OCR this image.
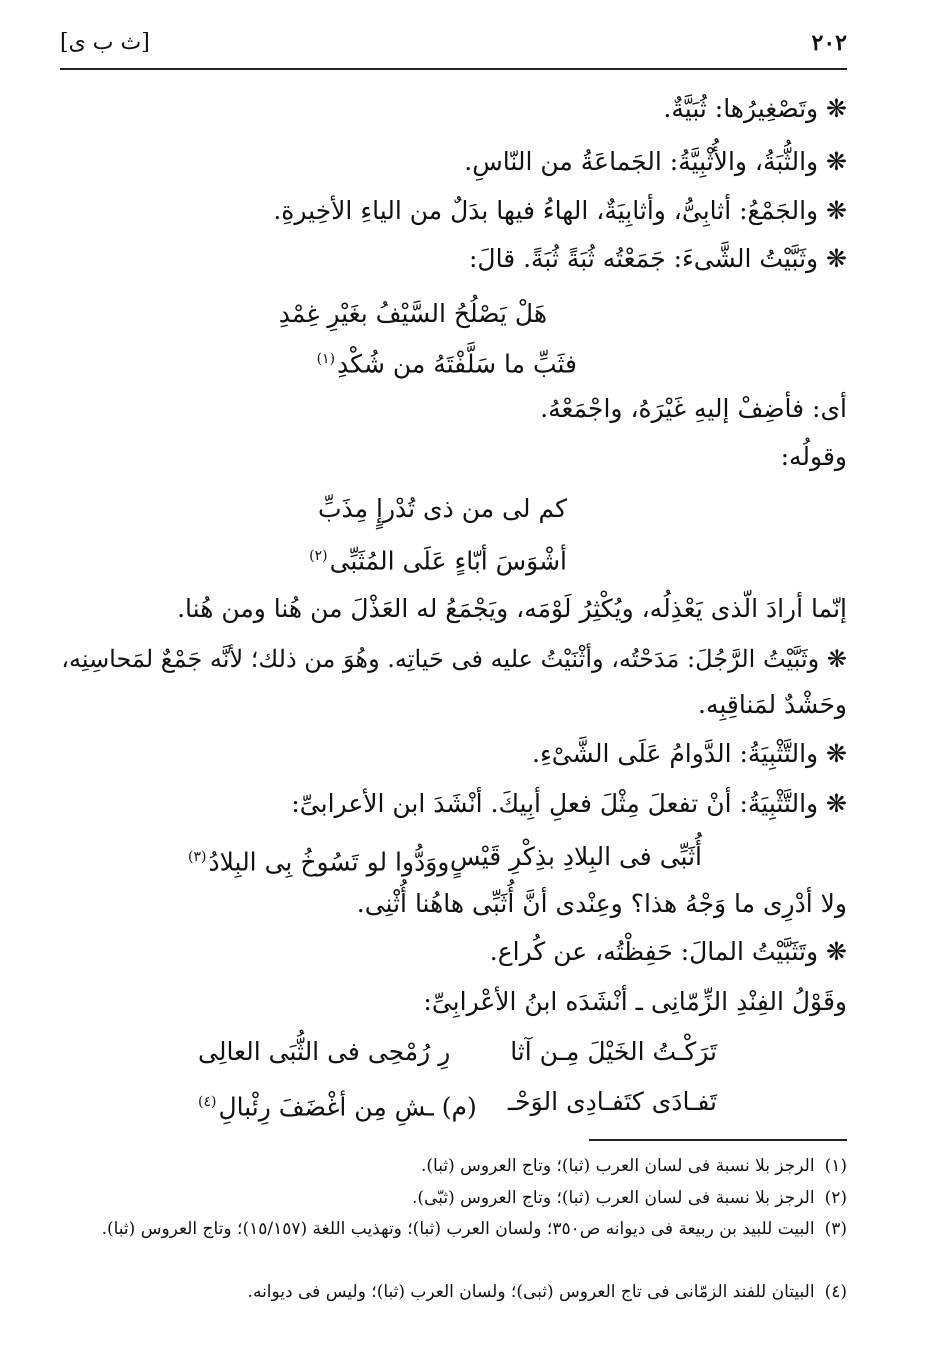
٢٠٢
[ث ب ى]
❋ وتَصْغِيرُها: ثُبَيَّةٌ.
❋ والثُّبَةُ، والأُثْبِيَّةُ: الجَماعَةُ من النّاسِ.
❋ والجَمْعُ: أثابِىُّ، وأثابِيَةٌ، الهاءُ فيها بدَلٌ من الياءِ الأخِيرةِ.
❋ وثَبَّيْتُ الشَّىءَ: جَمَعْتُه ثُبَةً ثُبَةً. قالَ:
هَلْ يَصْلُحُ السَّيْفُ بغَيْرِ غِمْدِ
فثَبِّ ما سَلَّفْتَهُ من شُكْدِ$^{(١)}$
أى: فأضِفْ إليهِ غَيْرَهُ، واجْمَعْهُ.
وقولُه:
كم لى من ذى تُدْرإٍ مِذَبِّ
أشْوَسَ أبّاءٍ عَلَى المُثَبِّى$^{(٢)}$
إنّما أرادَ الّذى يَعْذِلُه، ويُكْثِرُ لَوْمَه، ويَجْمَعُ له العَذْلَ من هُنا ومن هُنا.
❋ وثَبَّيْتُ الرَّجُلَ: مَدَحْتُه، وأثْنَيْتُ عليه فى حَياتِه. وهُوَ من ذلك؛ لأنَّه جَمْعٌ لمَحاسِنِه،
وحَشْدٌ لمَناقِبِه.
❋ والتَّثْبِيَةُ: الدَّوامُ عَلَى الشَّىْءِ.
❋ والتَّثْبِيَةُ: أنْ تفعلَ مِثْلَ فعلِ أبِيكَ. أنْشَدَ ابن الأعرابىِّ:
أُثَبِّى فى البِلادِ بذِكْرِ قَيْسٍ
ووَدُّوا لو تَسُوخُ بِى البِلادُ$^{(٣)}$
ولا أدْرِى ما وَجْهُ هذا؟ وعِنْدى أنَّ أُثَبِّى هاهُنا أُثْنِى.
❋ وتَثَبَّيْتُ المالَ: حَفِظْتُه، عن كُراع.
وقَوْلُ الفِنْدِ الزِّمّانِى ـ أنْشَدَه ابنُ الأعْرابِىِّ:
تَرَكْـتُ الخَيْلَ مِـن آثا
رِ رُمْحِى فى الثُّبَى العالِى
تَفـادَى كتَفـادِى الوَحْـ
(م) ـشِ مِن أغْضَفَ رِئْبالِ$^{(٤)}$
(١)الرجز بلا نسبة فى لسان العرب (ثبا)؛ وتاج العروس (ثبا).
(٢)الرجز بلا نسبة فى لسان العرب (ثبا)؛ وتاج العروس (ثبّى).
(٣)البيت للبيد بن ربيعة فى ديوانه ص٣٥٠؛ ولسان العرب (ثبا)؛ وتهذيب اللغة (١٥/١٥٧)؛ وتاج العروس (ثبا).
(٤)البيتان للفند الزمّانى فى تاج العروس (ثبى)؛ ولسان العرب (ثبا)؛ وليس فى ديوانه.
